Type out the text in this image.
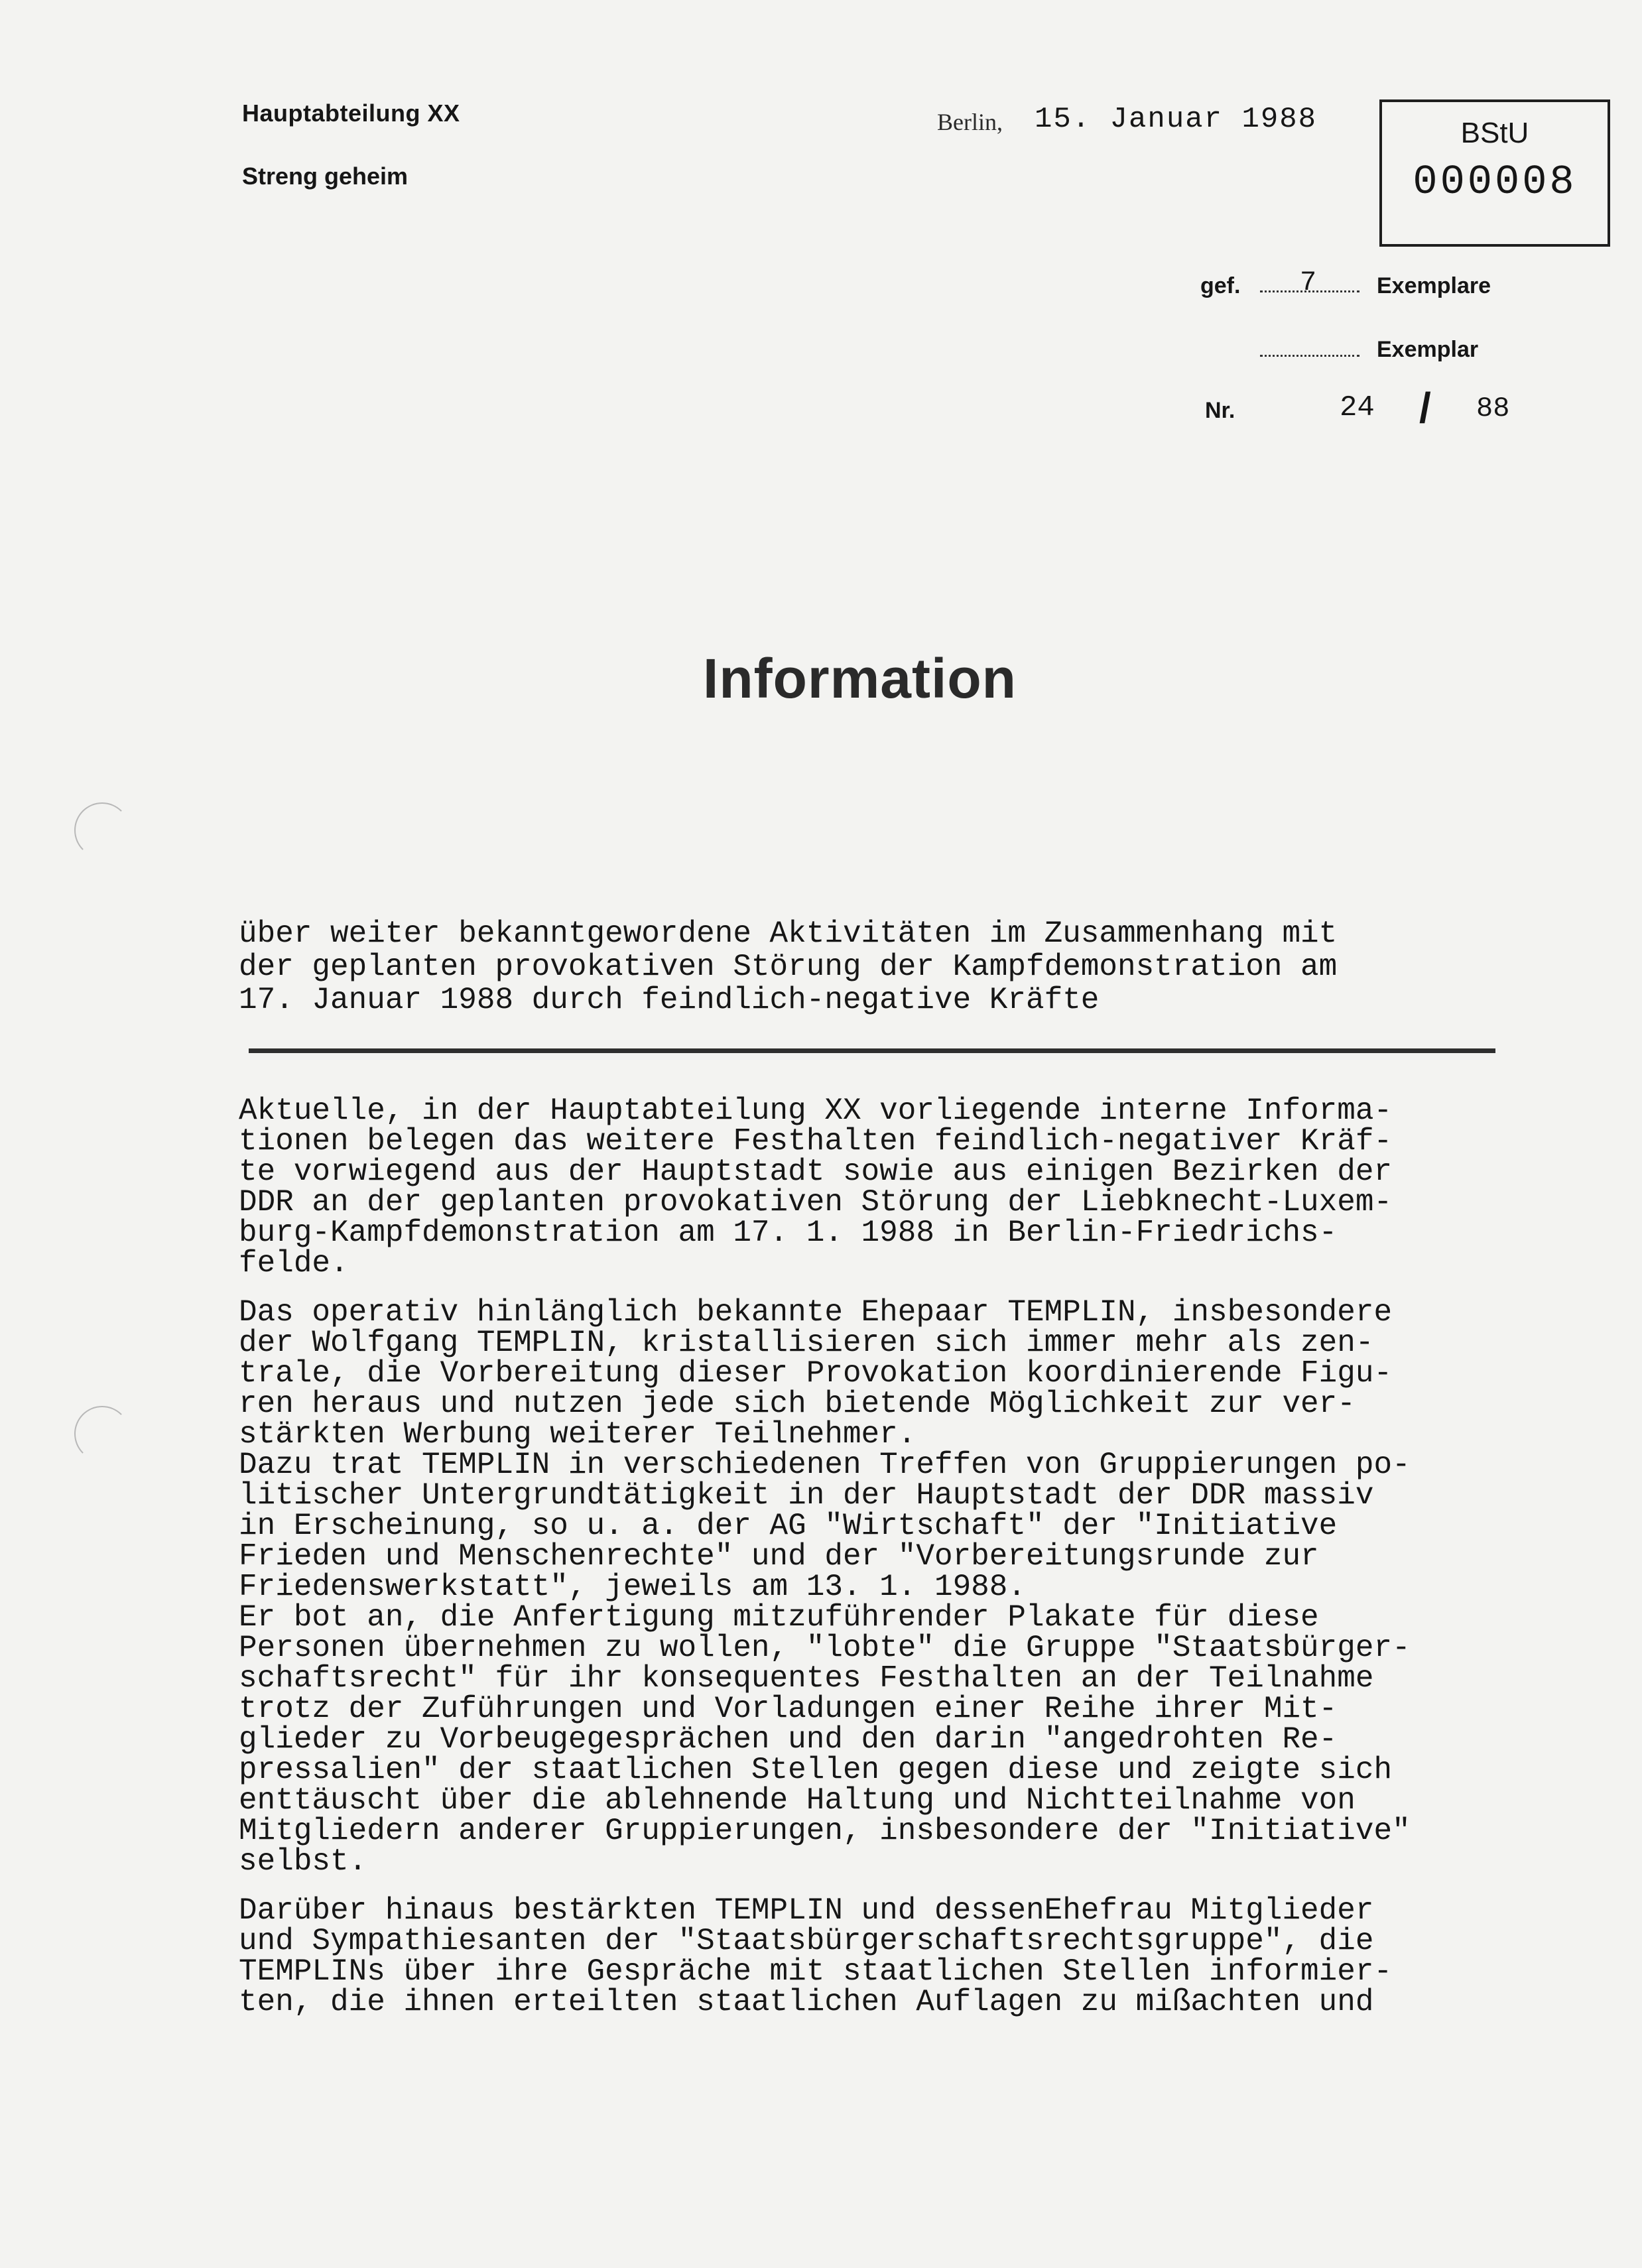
Hauptabteilung XX
Streng geheim
Berlin, 15. Januar 1988	BStU
000008
gef. 7	Exemplare
Exemplar
Nr.	24 / 88
Information
über weiter bekanntgewordene Aktivitäten im Zusammenhang mit
der geplanten provokativen Störung der Kampfdemonstration am
17. Januar 1988 durch feindlich-negative Kräfte
Aktuelle, in der Hauptabteilung XX vorliegende interne Informa-
tionen belegen das weitere Festhalten feindlich-negativer Kräf-
te vorwiegend aus der Hauptstadt sowie aus einigen Bezirken der
DDR an der geplanten provokativen Störung der Liebknecht-Luxem-
burg-Kampfdemonstration am 17. 1. 1988 in Berlin-Friedrichs-
felde.
Das operativ hinlänglich bekannte Ehepaar TEMPLIN, insbesondere
der Wolfgang TEMPLIN, kristallisieren sich immer mehr als zen-
trale, die Vorbereitung dieser Provokation koordinierende Figu-
ren heraus und nutzen jede sich bietende Möglichkeit zur ver-
stärkten Werbung weiterer Teilnehmer.
Dazu trat TEMPLIN in verschiedenen Treffen von Gruppierungen po-
litischer Untergrundtätigkeit in der Hauptstadt der DDR massiv
in Erscheinung, so u. a. der AG "Wirtschaft" der "Initiative
Frieden und Menschenrechte" und der "Vorbereitungsrunde zur
Friedenswerkstatt", jeweils am 13. 1. 1988.
Er bot an, die Anfertigung mitzuführender Plakate für diese
Personen übernehmen zu wollen, "lobte" die Gruppe "Staatsbürger-
schaftsrecht" für ihr konsequentes Festhalten an der Teilnahme
trotz der Zuführungen und Vorladungen einer Reihe ihrer Mit-
glieder zu Vorbeugegesprächen und den darin "angedrohten Re-
pressalien" der staatlichen Stellen gegen diese und zeigte sich
enttäuscht über die ablehnende Haltung und Nichtteilnahme von
Mitgliedern anderer Gruppierungen, insbesondere der "Initiative"
selbst.
Darüber hinaus bestärkten TEMPLIN und dessenEhefrau Mitglieder
und Sympathiesanten der "Staatsbürgerschaftsrechtsgruppe", die
TEMPLINs über ihre Gespräche mit staatlichen Stellen informier-
ten, die ihnen erteilten staatlichen Auflagen zu mißachten und
